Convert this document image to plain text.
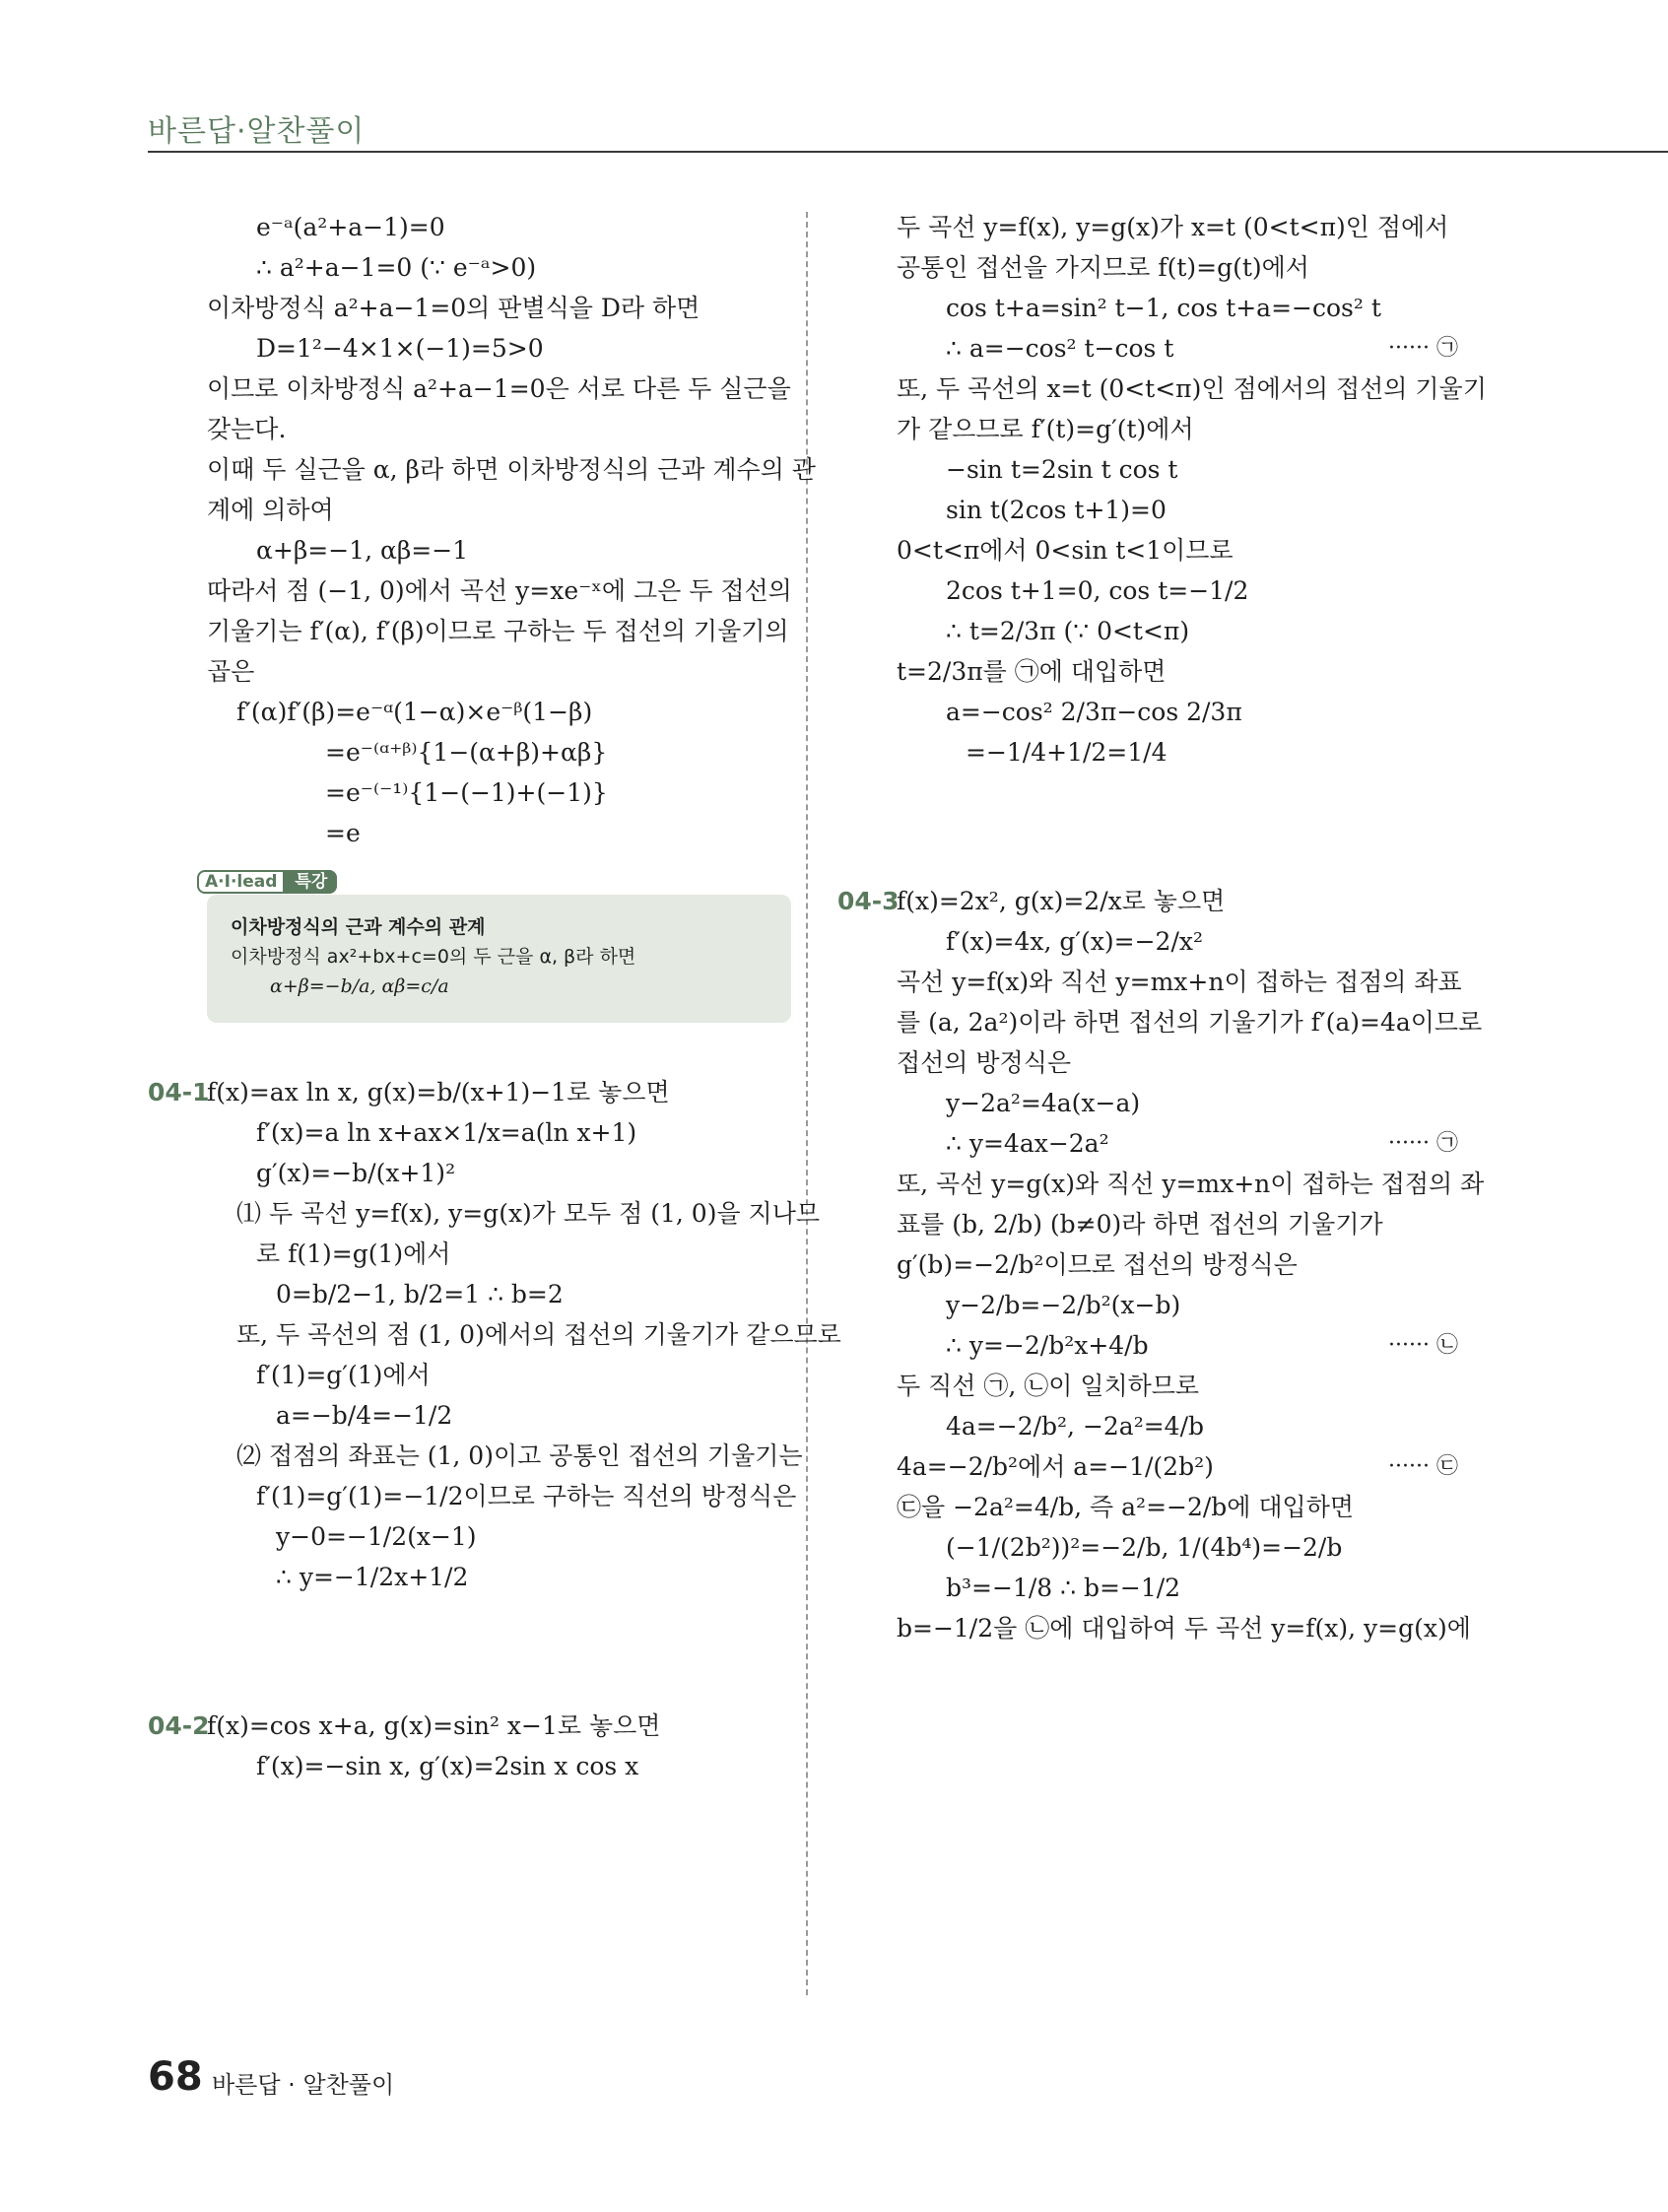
바른답·알찬풀이
e⁻ᵃ(a²+a−1)=0
∴ a²+a−1=0 (∵ e⁻ᵃ>0)
이차방정식 a²+a−1=0의 판별식을 D라 하면
D=1²−4×1×(−1)=5>0
이므로 이차방정식 a²+a−1=0은 서로 다른 두 실근을
갖는다.
이때 두 실근을 α, β라 하면 이차방정식의 근과 계수의 관
계에 의하여
α+β=−1, αβ=−1
따라서 점 (−1, 0)에서 곡선 y=xe⁻ˣ에 그은 두 접선의
기울기는 f′(α), f′(β)이므로 구하는 두 접선의 기울기의
곱은
f′(α)f′(β)=e⁻ᵅ(1−α)×e⁻ᵝ(1−β)
=e⁻⁽ᵅ⁺ᵝ⁾{1−(α+β)+αβ}
=e⁻⁽⁻¹⁾{1−(−1)+(−1)}
=e
A·I·lead 특강
이차방정식의 근과 계수의 관계
이차방정식 ax²+bx+c=0의 두 근을 α, β라 하면
α+β=−b/a, αβ=c/a
04-1
f(x)=ax ln x, g(x)=b/(x+1)−1로 놓으면
f′(x)=a ln x+ax×1/x=a(ln x+1)
g′(x)=−b/(x+1)²
⑴ 두 곡선 y=f(x), y=g(x)가 모두 점 (1, 0)을 지나므
로 f(1)=g(1)에서
0=b/2−1, b/2=1 ∴ b=2
또, 두 곡선의 점 (1, 0)에서의 접선의 기울기가 같으므로
f′(1)=g′(1)에서
a=−b/4=−1/2
⑵ 접점의 좌표는 (1, 0)이고 공통인 접선의 기울기는
f′(1)=g′(1)=−1/2이므로 구하는 직선의 방정식은
y−0=−1/2(x−1)
∴ y=−1/2x+1/2
04-2
f(x)=cos x+a, g(x)=sin² x−1로 놓으면
f′(x)=−sin x, g′(x)=2sin x cos x
두 곡선 y=f(x), y=g(x)가 x=t (0<t<π)인 점에서
공통인 접선을 가지므로 f(t)=g(t)에서
cos t+a=sin² t−1, cos t+a=−cos² t
∴ a=−cos² t−cos t	······ ㉠
또, 두 곡선의 x=t (0<t<π)인 점에서의 접선의 기울기
가 같으므로 f′(t)=g′(t)에서
−sin t=2sin t cos t
sin t(2cos t+1)=0
0<t<π에서 0<sin t<1이므로
2cos t+1=0, cos t=−1/2
∴ t=2/3π (∵ 0<t<π)
t=2/3π를 ㉠에 대입하면
a=−cos² 2/3π−cos 2/3π
=−1/4+1/2=1/4
04-3
f(x)=2x², g(x)=2/x로 놓으면
f′(x)=4x, g′(x)=−2/x²
곡선 y=f(x)와 직선 y=mx+n이 접하는 접점의 좌표
를 (a, 2a²)이라 하면 접선의 기울기가 f′(a)=4a이므로
접선의 방정식은
y−2a²=4a(x−a)
∴ y=4ax−2a²	······ ㉠
또, 곡선 y=g(x)와 직선 y=mx+n이 접하는 접점의 좌
표를 (b, 2/b) (b≠0)라 하면 접선의 기울기가
g′(b)=−2/b²이므로 접선의 방정식은
y−2/b=−2/b²(x−b)
∴ y=−2/b²x+4/b	······ ㉡
두 직선 ㉠, ㉡이 일치하므로
4a=−2/b², −2a²=4/b
4a=−2/b²에서 a=−1/(2b²)	······ ㉢
㉢을 −2a²=4/b, 즉 a²=−2/b에 대입하면
(−1/(2b²))²=−2/b, 1/(4b⁴)=−2/b
b³=−1/8 ∴ b=−1/2
b=−1/2을 ㉡에 대입하여 두 곡선 y=f(x), y=g(x)에
68 바른답 · 알찬풀이
